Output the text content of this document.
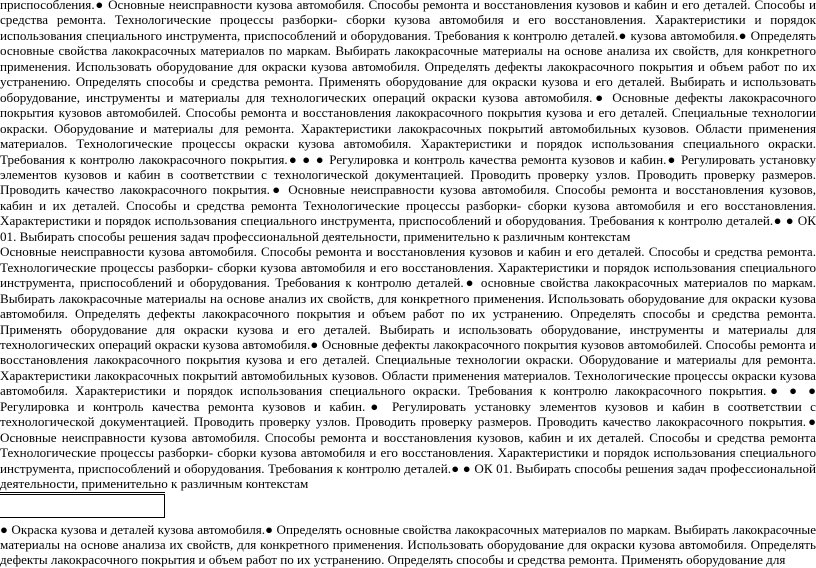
приспособления.● Основные неисправности кузова автомобиля. Способы ремонта и восстановления кузовов и кабин и его деталей. Способы и средства ремонта. Технологические процессы разборки- сборки кузова автомобиля и его восстановления. Характеристики и порядок использования специального инструмента, приспособлений и оборудования. Требования к контролю деталей.● кузова автомобиля.● Определять основные свойства лакокрасочных материалов по маркам. Выбирать лакокрасочные материалы на основе анализа их свойств, для конкретного применения. Использовать оборудование для окраски кузова автомобиля. Определять дефекты лакокрасочного покрытия и объем работ по их устранению. Определять способы и средства ремонта. Применять оборудование для окраски кузова и его деталей. Выбирать и использовать оборудование, инструменты и материалы для технологических операций окраски кузова автомобиля.● Основные дефекты лакокрасочного покрытия кузовов автомобилей. Способы ремонта и восстановления лакокрасочного покрытия кузова и его деталей. Специальные технологии окраски. Оборудование и материалы для ремонта. Характеристики лакокрасочных покрытий автомобильных кузовов. Области применения материалов. Технологические процессы окраски кузова автомобиля. Характеристики и порядок использования специального окраски. Требования к контролю лакокрасочного покрытия.● ● ● Регулировка и контроль качества ремонта кузовов и кабин.● Регулировать установку элементов кузовов и кабин в соответствии с технологической документацией. Проводить проверку узлов. Проводить проверку размеров. Проводить качество лакокрасочного покрытия.● Основные неисправности кузова автомобиля. Способы ремонта и восстановления кузовов, кабин и их деталей. Способы и средства ремонта Технологические процессы разборки- сборки кузова автомобиля и его восстановления. Характеристики и порядок использования специального инструмента, приспособлений и оборудования. Требования к контролю деталей.● ● ОК 01. Выбирать способы решения задач профессиональной деятельности, применительно к различным контекстам

Основные неисправности кузова автомобиля. Способы ремонта и восстановления кузовов и кабин и его деталей. Способы и средства ремонта. Технологические процессы разборки- сборки кузова автомобиля и его восстановления. Характеристики и порядок использования специального инструмента, приспособлений и оборудования. Требования к контролю деталей.● основные свойства лакокрасочных материалов по маркам. Выбирать лакокрасочные материалы на основе анализ их свойств, для конкретного применения. Использовать оборудование для окраски кузова автомобиля. Определять дефекты лакокрасочного покрытия и объем работ по их устранению. Определять способы и средства ремонта. Применять оборудование для окраски кузова и его деталей. Выбирать и использовать оборудование, инструменты и материалы для технологических операций окраски кузова автомобиля.● Основные дефекты лакокрасочного покрытия кузовов автомобилей. Способы ремонта и восстановления лакокрасочного покрытия кузова и его деталей. Специальные технологии окраски. Оборудование и материалы для ремонта. Характеристики лакокрасочных покрытий автомобильных кузовов. Области применения материалов. Технологические процессы окраски кузова автомобиля. Характеристики и порядок использования специального окраски. Требования к контролю лакокрасочного покрытия.● ● ● Регулировка и контроль качества ремонта кузовов и кабин.● Регулировать установку элементов кузовов и кабин в соответствии с технологической документацией. Проводить проверку узлов. Проводить проверку размеров. Проводить качество лакокрасочного покрытия.● Основные неисправности кузова автомобиля. Способы ремонта и восстановления кузовов, кабин и их деталей. Способы и средства ремонта Технологические процессы разборки- сборки кузова автомобиля и его восстановления. Характеристики и порядок использования специального инструмента, приспособлений и оборудования. Требования к контролю деталей.● ● ОК 01. Выбирать способы решения задач профессиональной деятельности, применительно к различным контекстам

● Окраска кузова и деталей кузова автомобиля.● Определять основные свойства лакокрасочных материалов по маркам. Выбирать лакокрасочные материалы на основе анализа их свойств, для конкретного применения. Использовать оборудование для окраски кузова автомобиля. Определять дефекты лакокрасочного покрытия и объем работ по их устранению. Определять способы и средства ремонта. Применять оборудование для
